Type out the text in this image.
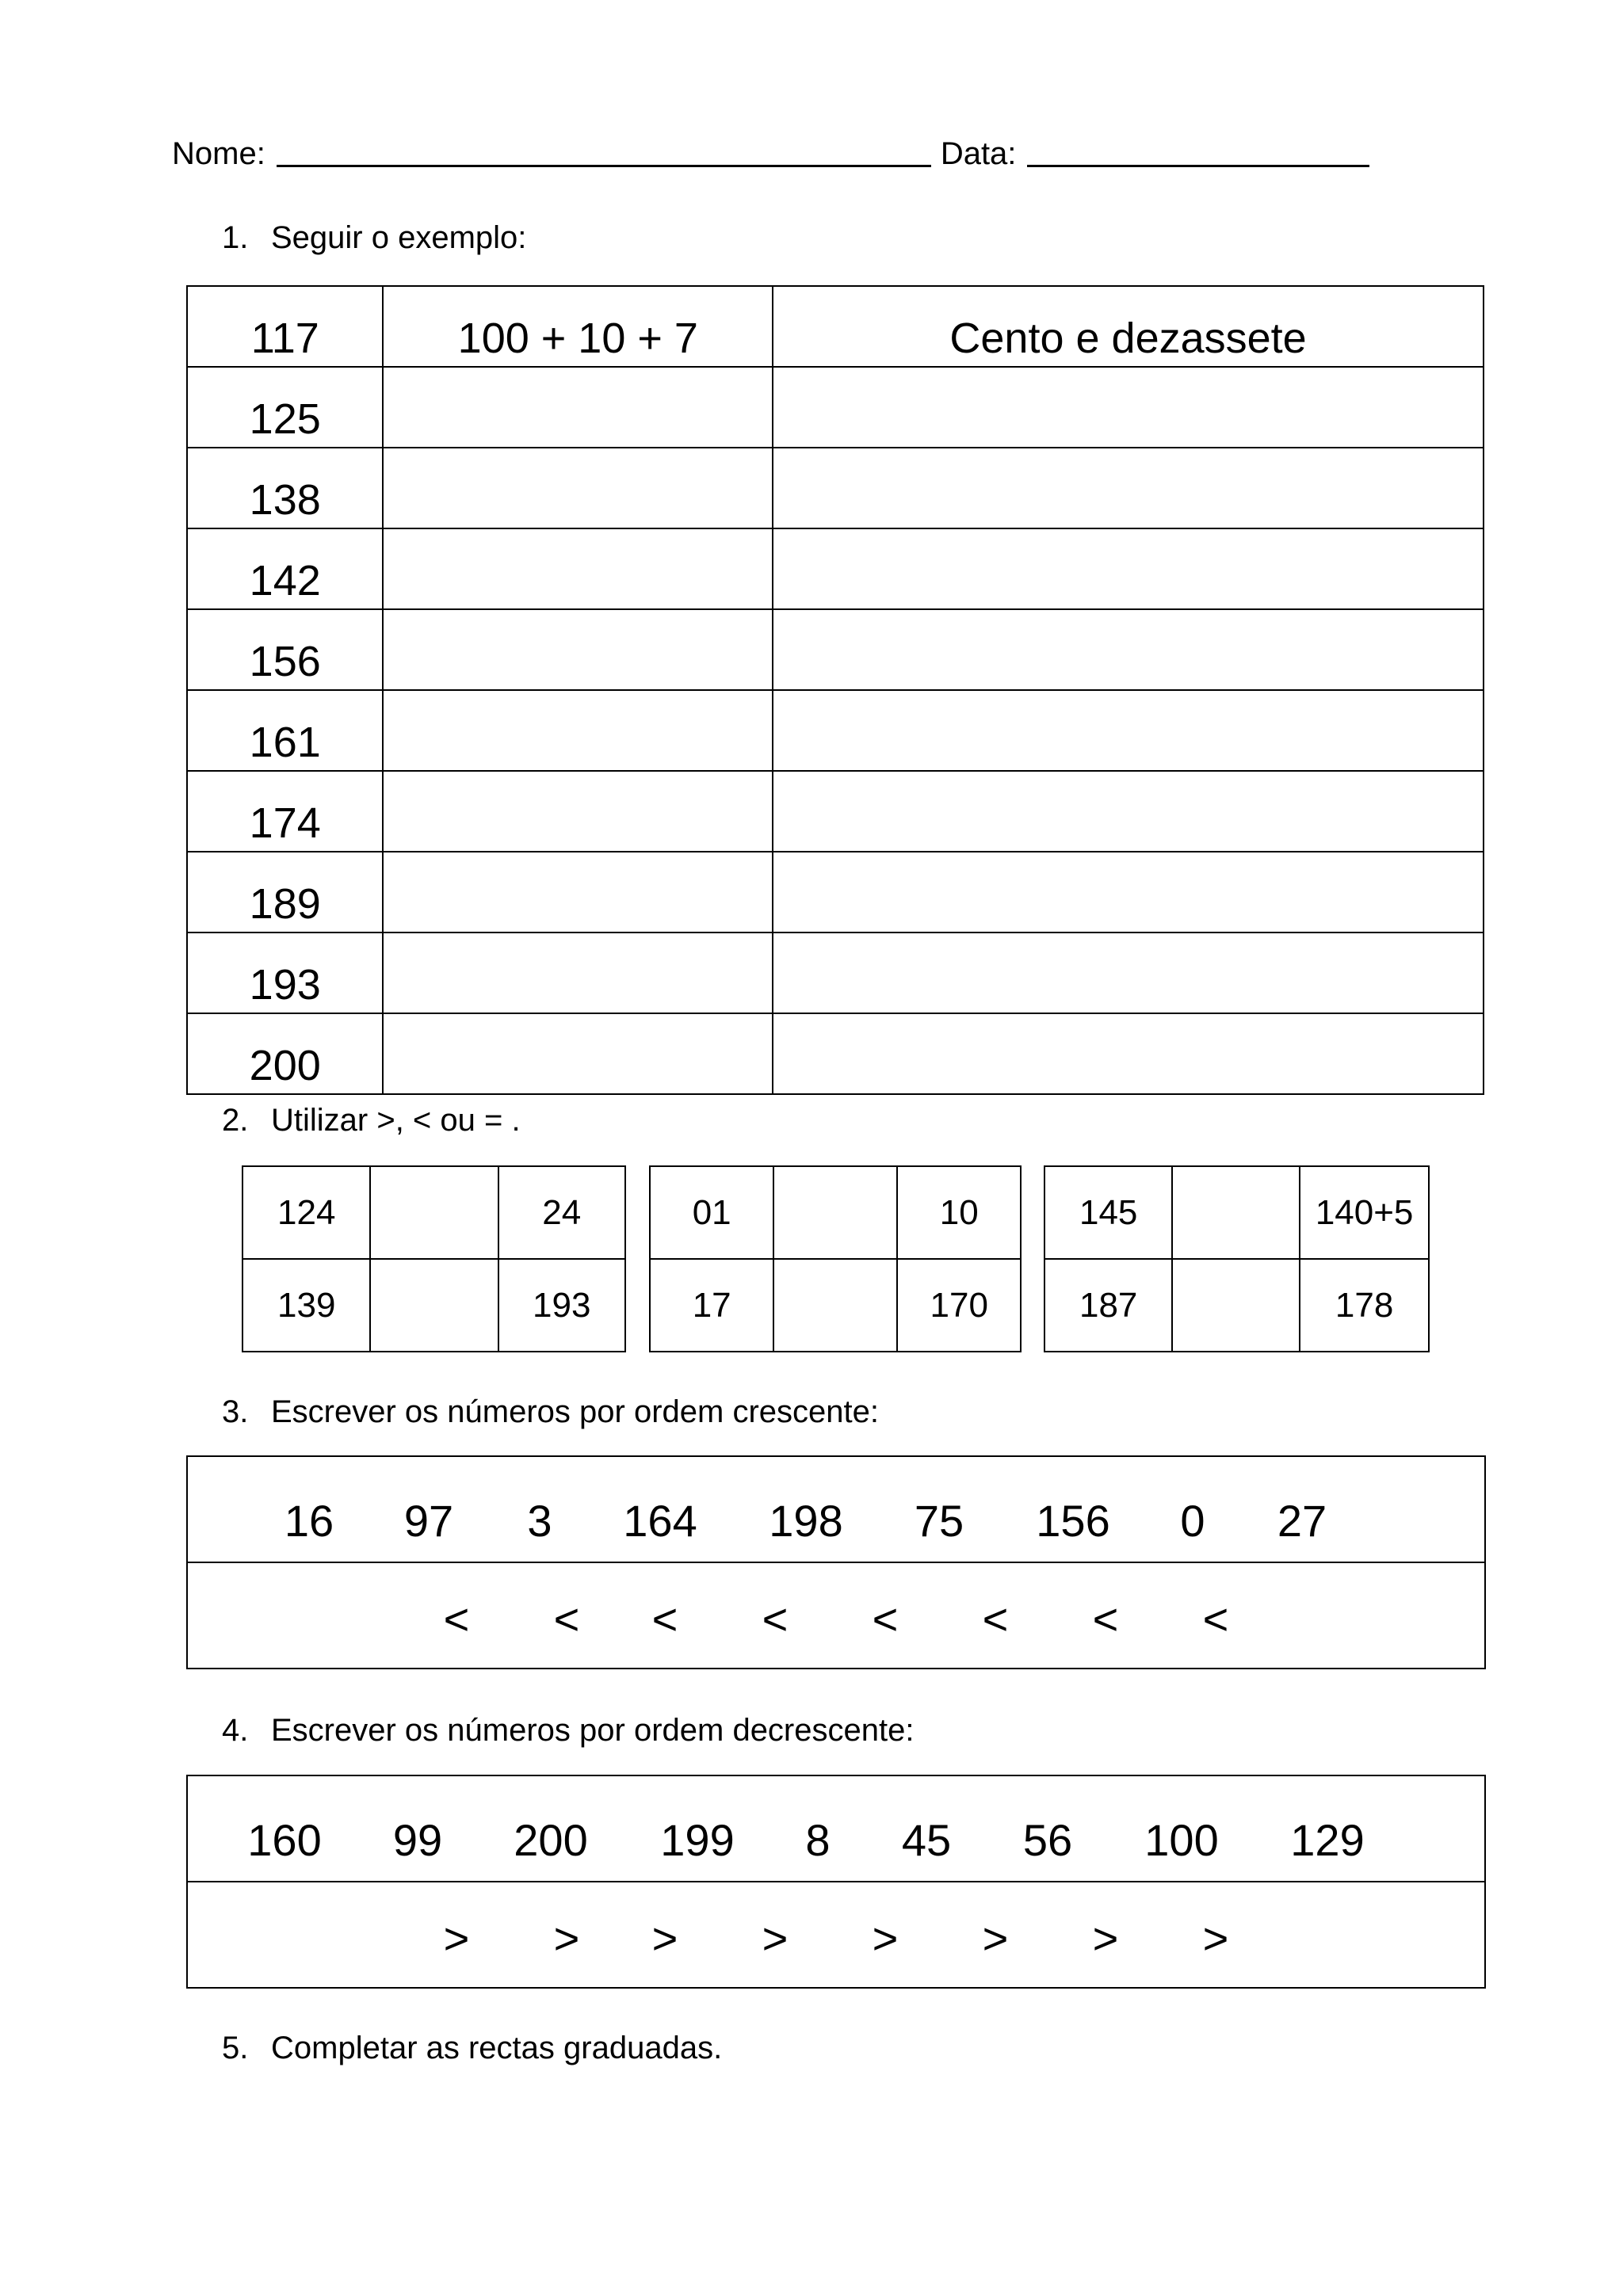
Nome:	Data:
1. Seguir o exemplo:
117	100 + 10 + 7	Cento e dezassete
125		
138		
142		
156		
161		
174		
189		
193		
200		
2. Utilizar >, < ou = .
124		24
139		193
01		10
17		170
145		140+5
187		178
3. Escrever os números por ordem crescente:
16 97 3 164 198 75 156 0 27
< < < < < < < <
4. Escrever os números por ordem decrescente:
160 99 200 199 8 45 56 100 129
> > > > > > > >
5. Completar as rectas graduadas.
